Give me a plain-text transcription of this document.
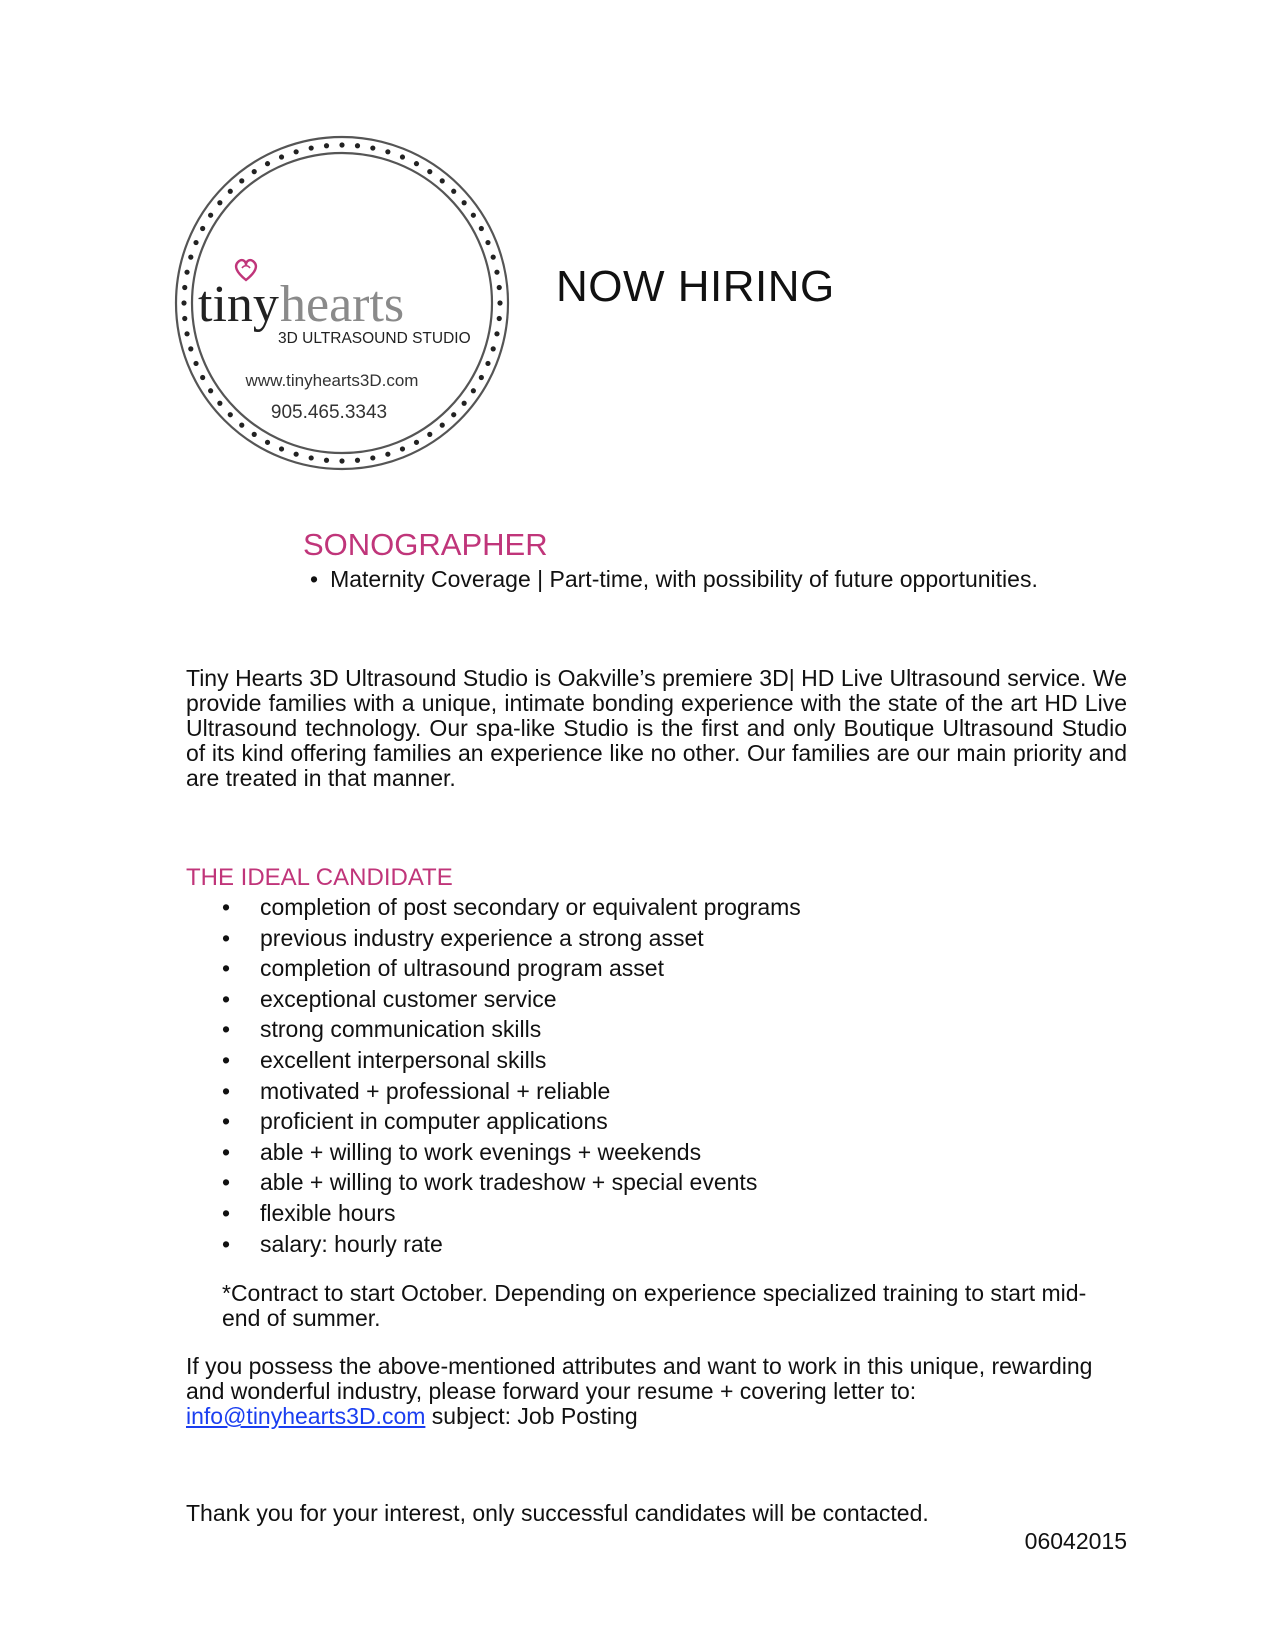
tiny hearts
3D ULTRASOUND STUDIO
www.tinyhearts3D.com
905.465.3343
NOW HIRING
SONOGRAPHER
• Maternity Coverage | Part-time, with possibility of future opportunities.

Tiny Hearts 3D Ultrasound Studio is Oakville’s premiere 3D| HD Live Ultrasound service. We provide families with a unique, intimate bonding experience with the state of the art HD Live Ultrasound technology. Our spa-like Studio is the first and only Boutique Ultrasound Studio of its kind offering families an experience like no other. Our families are our main priority and are treated in that manner.

THE IDEAL CANDIDATE
• completion of post secondary or equivalent programs
• previous industry experience a strong asset
• completion of ultrasound program asset
• exceptional customer service
• strong communication skills
• excellent interpersonal skills
• motivated + professional + reliable
• proficient in computer applications
• able + willing to work evenings + weekends
• able + willing to work tradeshow + special events
• flexible hours
• salary: hourly rate

*Contract to start October. Depending on experience specialized training to start mid-end of summer.

If you possess the above-mentioned attributes and want to work in this unique, rewarding and wonderful industry, please forward your resume + covering letter to:
info@tinyhearts3D.com subject: Job Posting

Thank you for your interest, only successful candidates will be contacted.

06042015
